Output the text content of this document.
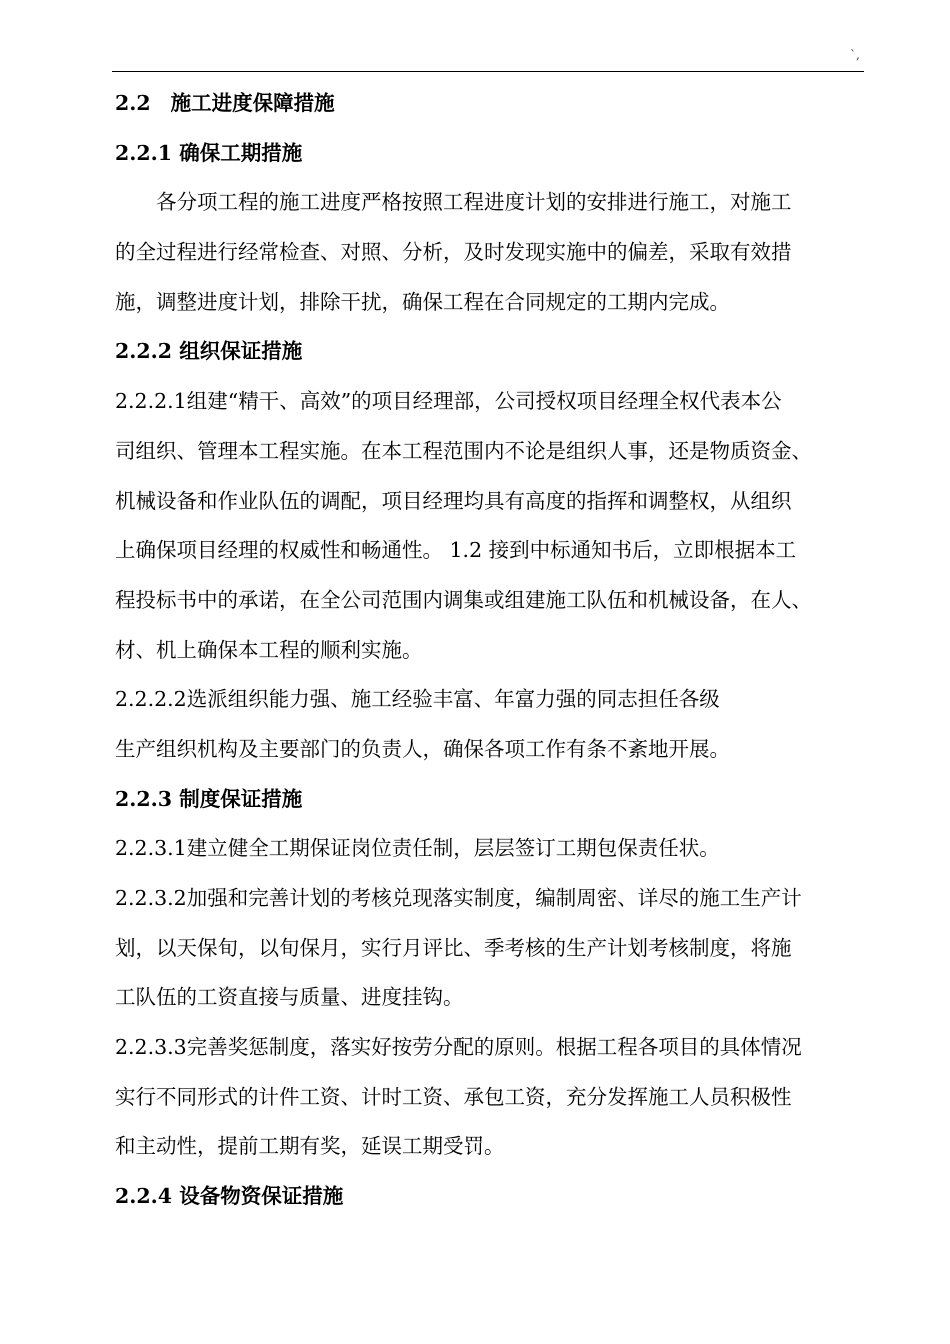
`,
2.2 施工进度保障措施
2.2.1 确保工期措施
各分项工程的施工进度严格按照工程进度计划的安排进行施工，对施工
的全过程进行经常检查、对照、分析，及时发现实施中的偏差，采取有效措
施，调整进度计划，排除干扰，确保工程在合同规定的工期内完成。
2.2.2 组织保证措施
2.2.2.1组建“精干、高效”的项目经理部，公司授权项目经理全权代表本公
司组织、管理本工程实施。在本工程范围内不论是组织人事，还是物质资金、
机械设备和作业队伍的调配，项目经理均具有高度的指挥和调整权，从组织
上确保项目经理的权威性和畅通性。 1.2 接到中标通知书后，立即根据本工
程投标书中的承诺，在全公司范围内调集或组建施工队伍和机械设备，在人、
材、机上确保本工程的顺利实施。
2.2.2.2选派组织能力强、施工经验丰富、年富力强的同志担任各级
生产组织机构及主要部门的负责人，确保各项工作有条不紊地开展。
2.2.3 制度保证措施
2.2.3.1建立健全工期保证岗位责任制，层层签订工期包保责任状。
2.2.3.2加强和完善计划的考核兑现落实制度，编制周密、详尽的施工生产计
划，以天保旬，以旬保月，实行月评比、季考核的生产计划考核制度，将施
工队伍的工资直接与质量、进度挂钩。
2.2.3.3完善奖惩制度，落实好按劳分配的原则。根据工程各项目的具体情况
实行不同形式的计件工资、计时工资、承包工资，充分发挥施工人员积极性
和主动性，提前工期有奖，延误工期受罚。
2.2.4 设备物资保证措施
